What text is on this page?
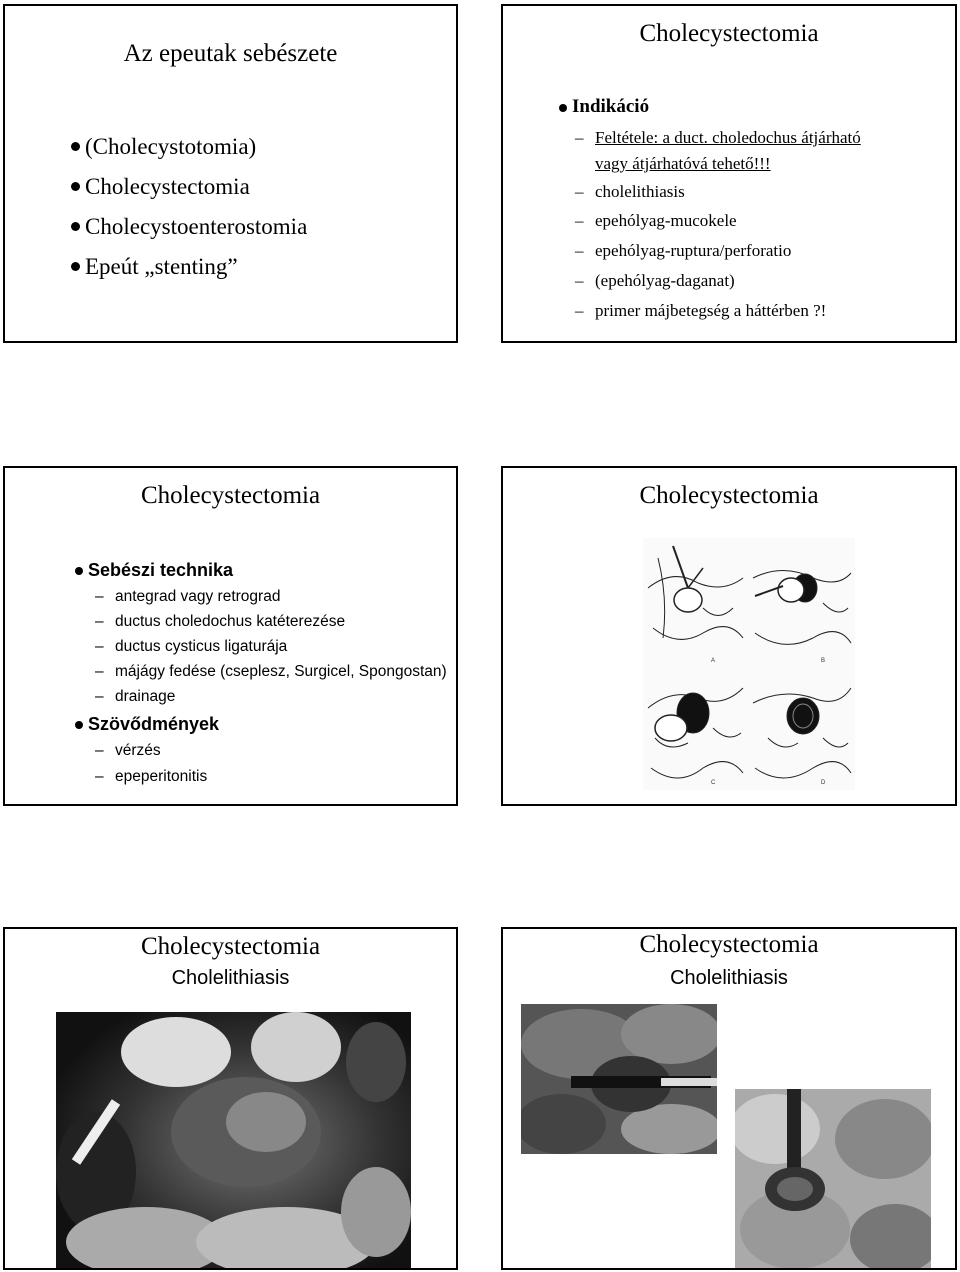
Az epeutak sebészete
(Cholecystotomia)
Cholecystectomia
Cholecystoenterostomia
Epeút „stenting”
Cholecystectomia
Indikáció
–Feltétele: a duct. choledochus átjárható
vagy átjárhatóvá tehető!!!
–cholelithiasis
–epehólyag-mucokele
–epehólyag-ruptura/perforatio
–(epehólyag-daganat)
–primer májbetegség a háttérben ?!
Cholecystectomia
Sebészi technika
–antegrad vagy retrograd
–ductus choledochus katéterezése
–ductus cysticus ligaturája
–májágy fedése (cseplesz, Surgicel, Spongostan)
–drainage
Szövődmények
–vérzés
–epeperitonitis
Cholecystectomia
A	B
C	D
Cholecystectomia
Cholelithiasis
Cholecystectomia
Cholelithiasis
